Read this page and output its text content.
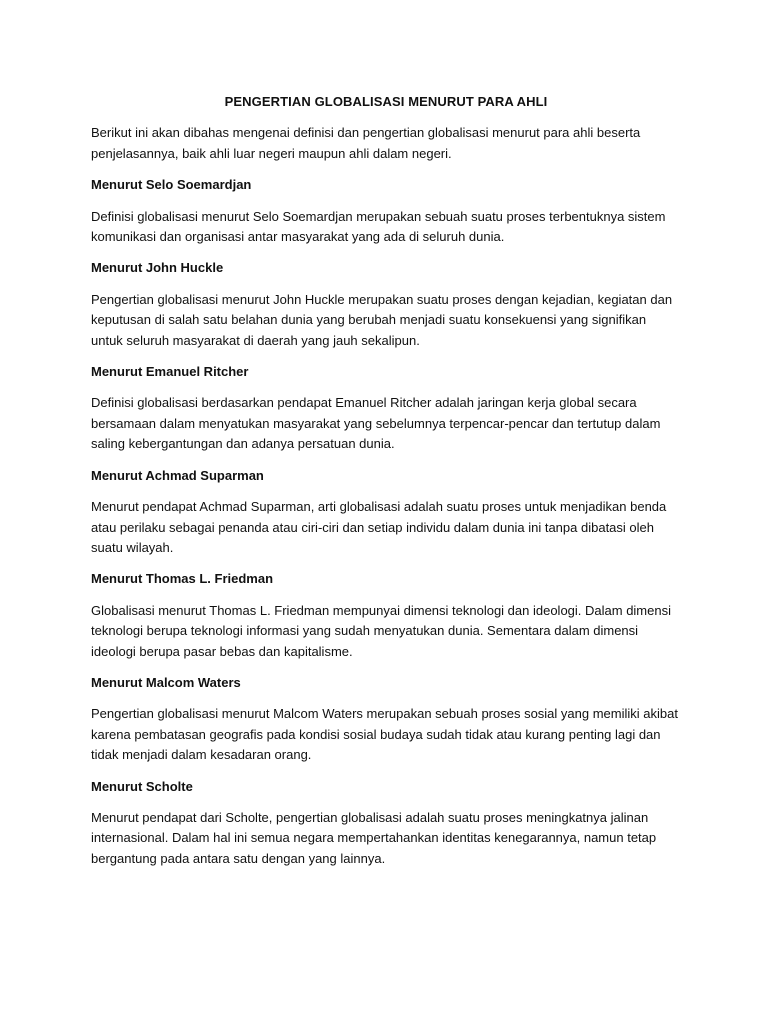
PENGERTIAN GLOBALISASI MENURUT PARA AHLI

Berikut ini akan dibahas mengenai definisi dan pengertian globalisasi menurut para ahli beserta penjelasannya, baik ahli luar negeri maupun ahli dalam negeri.

Menurut Selo Soemardjan

Definisi globalisasi menurut Selo Soemardjan merupakan sebuah suatu proses terbentuknya sistem komunikasi dan organisasi antar masyarakat yang ada di seluruh dunia.

Menurut John Huckle

Pengertian globalisasi menurut John Huckle merupakan suatu proses dengan kejadian, kegiatan dan keputusan di salah satu belahan dunia yang berubah menjadi suatu konsekuensi yang signifikan untuk seluruh masyarakat di daerah yang jauh sekalipun.

Menurut Emanuel Ritcher

Definisi globalisasi berdasarkan pendapat Emanuel Ritcher adalah jaringan kerja global secara bersamaan dalam menyatukan masyarakat yang sebelumnya terpencar-pencar dan tertutup dalam saling kebergantungan dan adanya persatuan dunia.

Menurut Achmad Suparman

Menurut pendapat Achmad Suparman, arti globalisasi adalah suatu proses untuk menjadikan benda atau perilaku sebagai penanda atau ciri-ciri dan setiap individu dalam dunia ini tanpa dibatasi oleh suatu wilayah.

Menurut Thomas L. Friedman

Globalisasi menurut Thomas L. Friedman mempunyai dimensi teknologi dan ideologi. Dalam dimensi teknologi berupa teknologi informasi yang sudah menyatukan dunia. Sementara dalam dimensi ideologi berupa pasar bebas dan kapitalisme.

Menurut Malcom Waters

Pengertian globalisasi menurut Malcom Waters merupakan sebuah proses sosial yang memiliki akibat karena pembatasan geografis pada kondisi sosial budaya sudah tidak atau kurang penting lagi dan tidak menjadi dalam kesadaran orang.

Menurut Scholte

Menurut pendapat dari Scholte, pengertian globalisasi adalah suatu proses meningkatnya jalinan internasional. Dalam hal ini semua negara mempertahankan identitas kenegarannya, namun tetap bergantung pada antara satu dengan yang lainnya.
